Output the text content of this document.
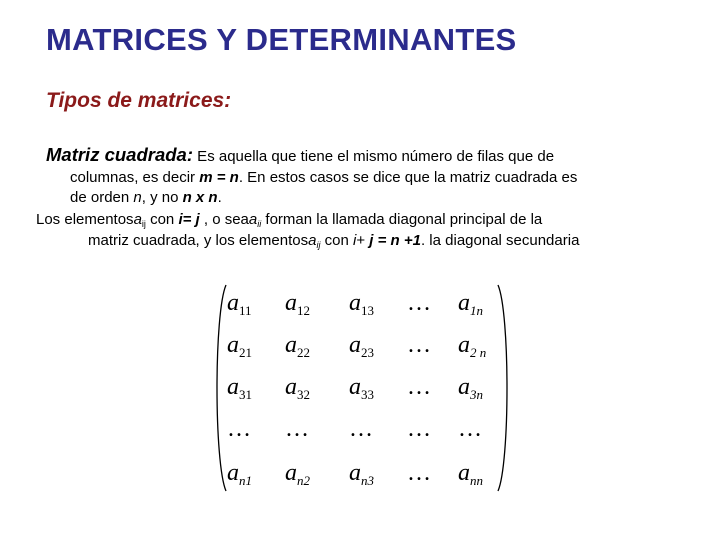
MATRICES Y DETERMINANTES
Tipos de matrices:
Matriz cuadrada: Es aquella que tiene el mismo número de filas que de
columnas, es decir m = n. En estos casos se dice que la matriz cuadrada es
de orden n, y no n x n.
Los elementosa$_{ij}$ con i= j , o seaa$_{ii}$ forman la llamada diagonal principal de la
matriz cuadrada, y los elementosa$_{ij}$ con i+ j = n +1. la diagonal secundaria
$a_{11}$ $a_{12}$ $a_{13}$ … $a_{1n}$
$a_{21}$ $a_{22}$ $a_{23}$ … $a_{2 n}$
$a_{31}$ $a_{32}$ $a_{33}$ … $a_{3n}$
… … … … …
$a_{n1}$ $a_{n2}$ $a_{n3}$ … $a_{nn}$
